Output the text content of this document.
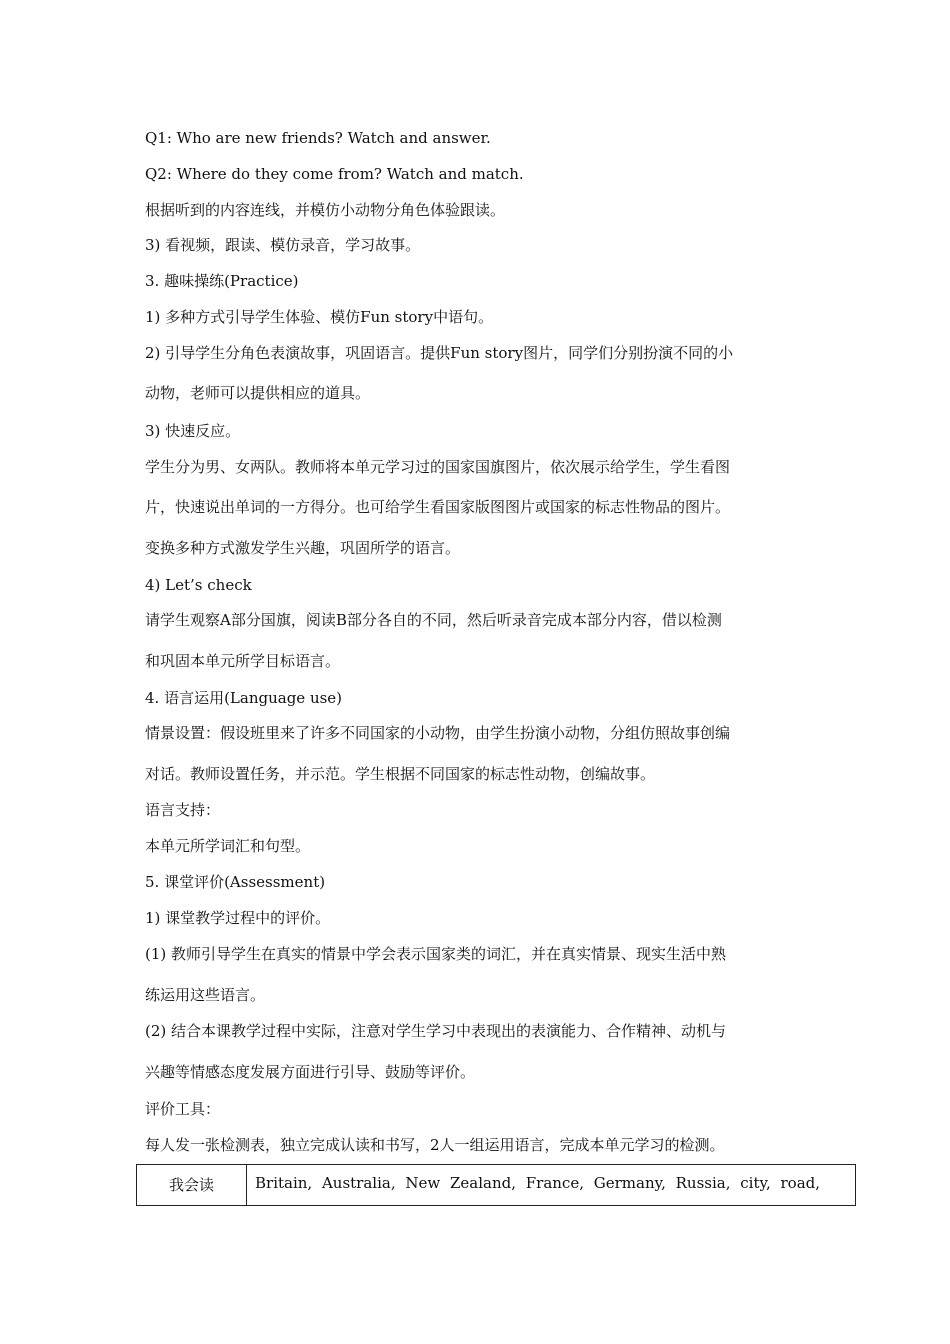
Q1: Who are new friends? Watch and answer.
Q2: Where do they come from? Watch and match.
根据听到的内容连线，并模仿小动物分角色体验跟读。
3) 看视频，跟读、模仿录音，学习故事。
3. 趣味操练(Practice)
1) 多种方式引导学生体验、模仿Fun story中语句。
2) 引导学生分角色表演故事，巩固语言。提供Fun story图片，同学们分别扮演不同的小
动物，老师可以提供相应的道具。
3) 快速反应。
学生分为男、女两队。教师将本单元学习过的国家国旗图片，依次展示给学生，学生看图
片，快速说出单词的一方得分。也可给学生看国家版图图片或国家的标志性物品的图片。
变换多种方式激发学生兴趣，巩固所学的语言。
4) Let’s check
请学生观察A部分国旗，阅读B部分各自的不同，然后听录音完成本部分内容，借以检测
和巩固本单元所学目标语言。
4. 语言运用(Language use)
情景设置：假设班里来了许多不同国家的小动物，由学生扮演小动物，分组仿照故事创编
对话。教师设置任务，并示范。学生根据不同国家的标志性动物，创编故事。
语言支持：
本单元所学词汇和句型。
5. 课堂评价(Assessment)
1) 课堂教学过程中的评价。
(1) 教师引导学生在真实的情景中学会表示国家类的词汇，并在真实情景、现实生活中熟
练运用这些语言。
(2) 结合本课教学过程中实际，注意对学生学习中表现出的表演能力、合作精神、动机与
兴趣等情感态度发展方面进行引导、鼓励等评价。
评价工具：
每人发一张检测表，独立完成认读和书写，2人一组运用语言，完成本单元学习的检测。
我会读	Britain, Australia, New Zealand, France, Germany, Russia, city, road,
